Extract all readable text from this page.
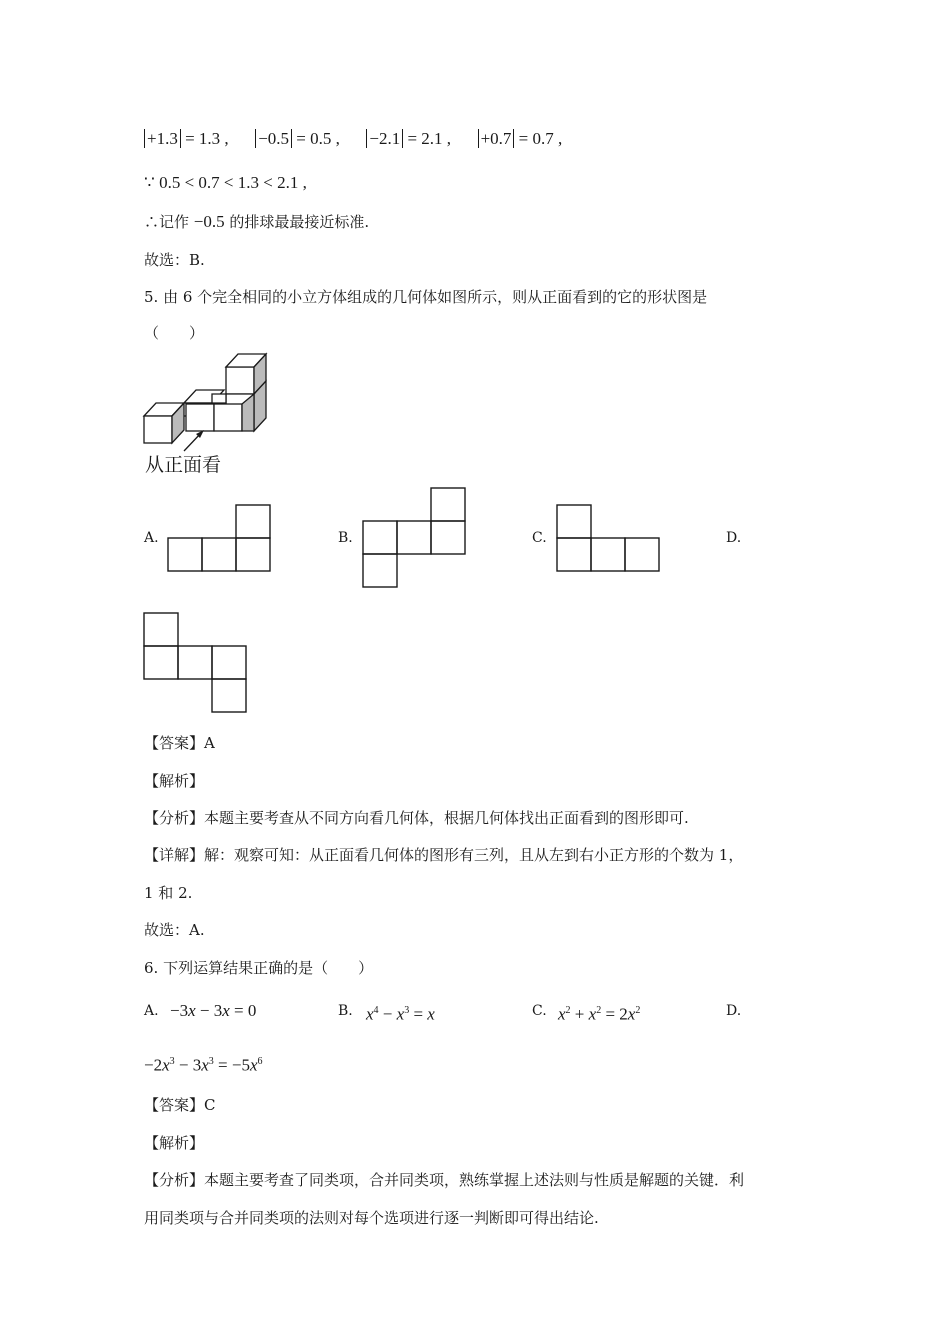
+1.3 = 1.3 , −0.5 = 0.5 , −2.1 = 2.1 , +0.7 = 0.7 ,
∵ 0.5 < 0.7 < 1.3 < 2.1 ,
∴记作 −0.5 的排球最最接近标准.
故选：B.
5. 由 6 个完全相同的小立方体组成的几何体如图所示，则从正面看到的它的形状图是
（　　）
从正面看
A.	B.	C.	D.
【答案】A
【解析】
【分析】本题主要考查从不同方向看几何体，根据几何体找出正面看到的图形即可.
【详解】解：观察可知：从正面看几何体的图形有三列，且从左到右小正方形的个数为 1，
1 和 2.
故选：A.
6. 下列运算结果正确的是（　　）
A. −3x − 3x = 0	B. $x^4 - x^3 = x$	C. $x^2 + x^2 = 2x^2$	D.
$-2x^3 - 3x^3 = -5x^6$
【答案】C
【解析】
【分析】本题主要考查了同类项，合并同类项，熟练掌握上述法则与性质是解题的关键．利
用同类项与合并同类项的法则对每个选项进行逐一判断即可得出结论.
